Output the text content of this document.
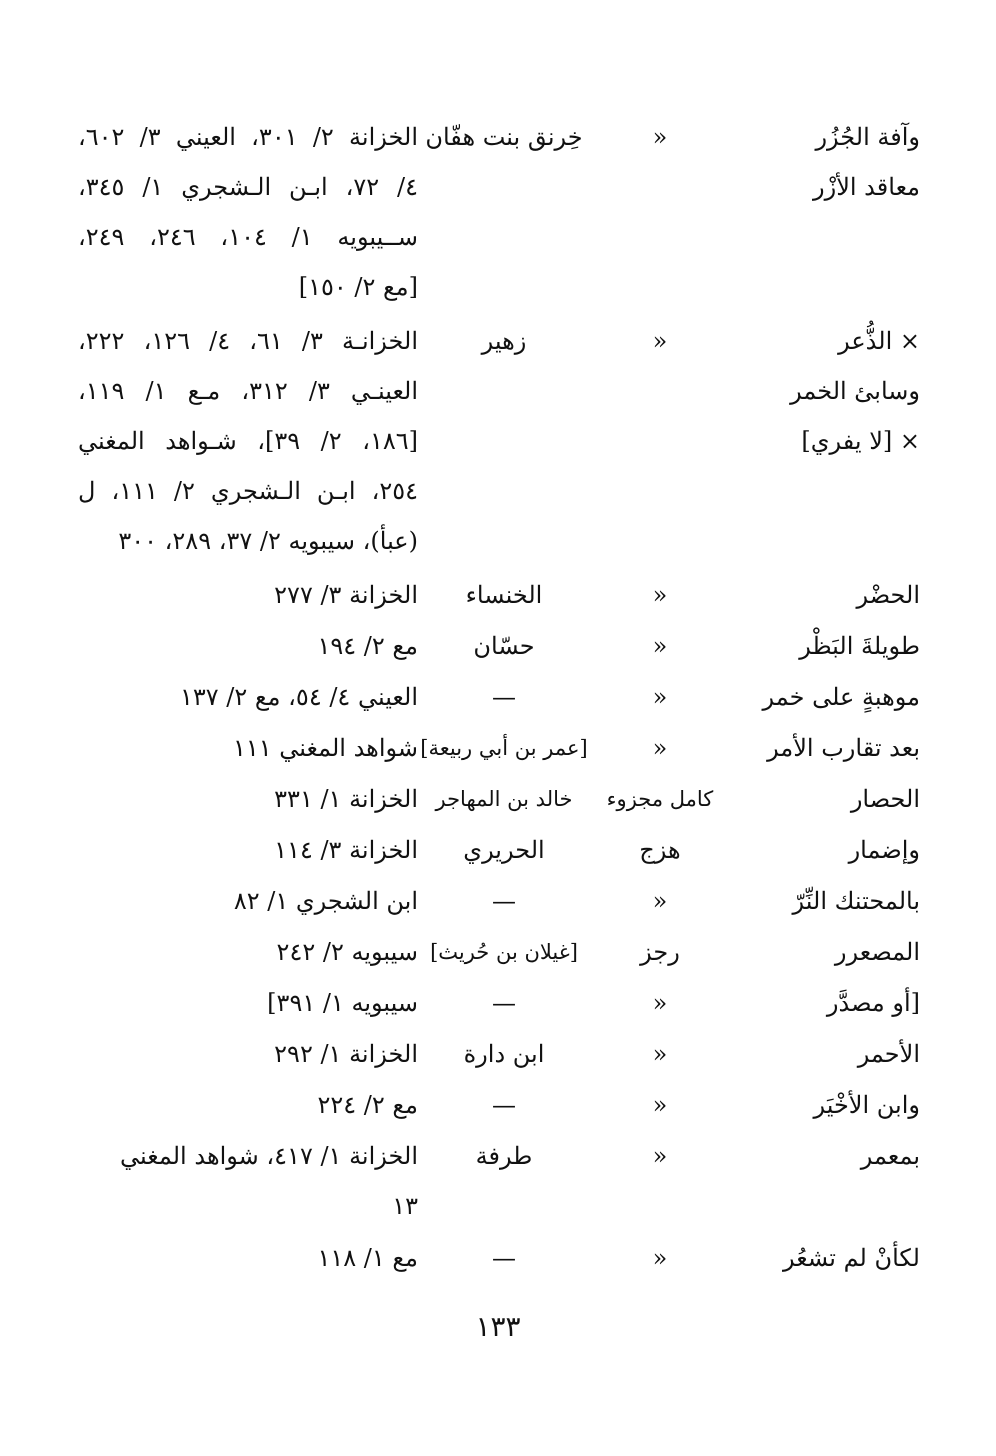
وآفة الجُزُر
معاقد الأزْر
«
خِرنق بنت هفّان
الخزانة ٢/ ٣٠١، العيني ٣/ ٦٠٢،
٤/ ٧٢، ابـن الـشجري ١/ ٣٤٥،
ســيبويه ١/ ١٠٤، ٢٤٦، ٢٤٩،
[مع ٢/ ١٥٠]
× الذُّعر
وسابئ الخمر
× [لا يفري]
«
زهير
الخزانـة ٣/ ٦١، ٤/ ١٢٦، ٢٢٢،
العينـي ٣/ ٣١٢، مـع ١/ ١١٩،
[١٨٦، ٢/ ٣٩]، شـواهد المغني
٢٥٤، ابـن الـشجري ٢/ ١١١، ل
(عبأ)، سيبويه ٢/ ٣٧، ٢٨٩، ٣٠٠
الحضْر
«
الخنساء
الخزانة ٣/ ٢٧٧
طويلةَ البَظْر
«
حسّان
مع ٢/ ١٩٤
موهبةٍ على خمر
«
—
العيني ٤/ ٥٤، مع ٢/ ١٣٧
بعد تقارب الأمر
«
[عمر بن أبي ربيعة]
شواهد المغني ١١١
الحصار
كامل مجزوء
خالد بن المهاجر
الخزانة ١/ ٣٣١
وإضمار
هزج
الحريري
الخزانة ٣/ ١١٤
بالمحتنك النِّرّ
«
—
ابن الشجري ١/ ٨٢
المصعرر
رجز
[غيلان بن حُريث]
سيبويه ٢/ ٢٤٢
[أو مصدَّر
«
—
سيبويه ١/ ٣٩١]
الأحمر
«
ابن دارة
الخزانة ١/ ٢٩٢
وابن الأخْيَر
«
—
مع ٢/ ٢٢٤
بمعمر
«
طرفة
الخزانة ١/ ٤١٧، شواهد المغني
١٣
لكأنْ لم تشعُر
«
—
مع ١/ ١١٨
١٣٣
